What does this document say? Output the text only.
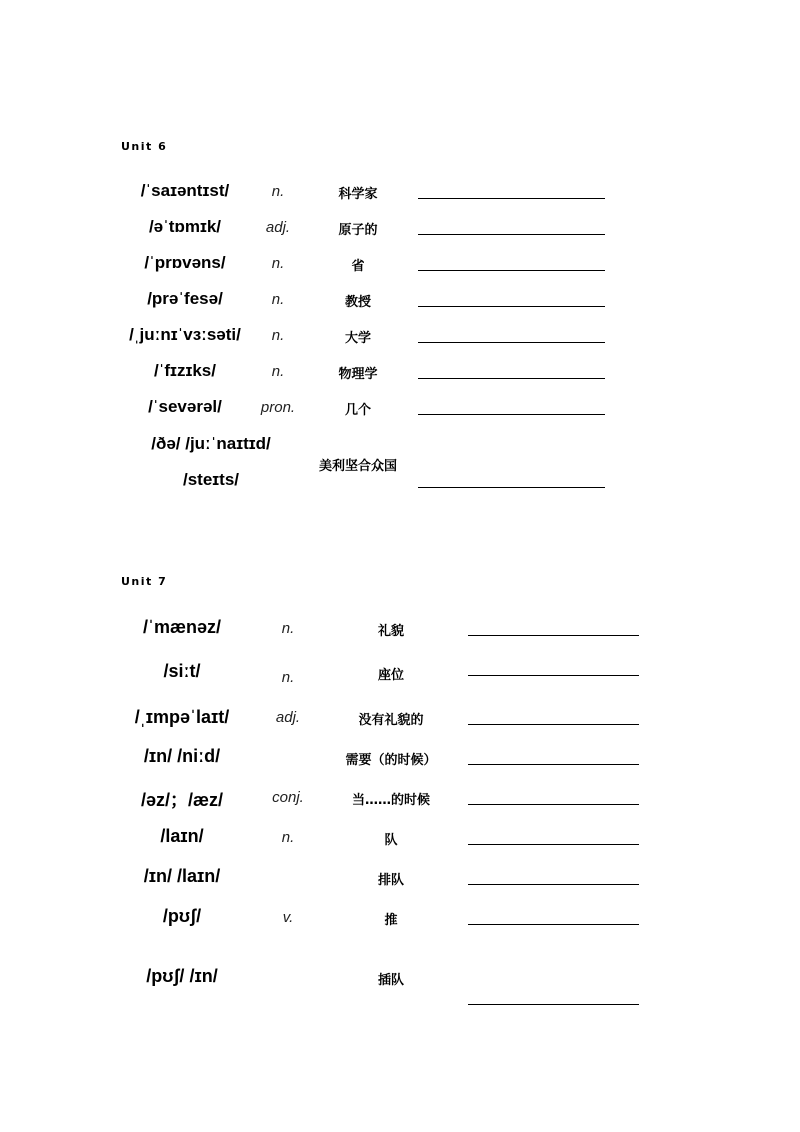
Unit 6
/ˈsaɪəntɪst/	n.	科学家
/əˈtɒmɪk/	adj.	原子的
/ˈprɒvəns/	n.	省
/prəˈfesə/	n.	教授
/ˌjuːnɪˈvɜːsəti/ n.	大学
/ˈfɪzɪks/	n.	物理学
/ˈsevərəl/	pron.	几个
/ðə/ /juːˈnaɪtɪd/
/steɪts/
美利坚合众国
Unit 7
/ˈmænəz/	n.	礼貌
/siːt/	n.	座位
/ˌɪmpəˈlaɪt/	adj.	没有礼貌的
/ɪn/ /niːd/	需要（的时候）
/əz/；/æz/	conj.	当……的时候
/laɪn/	n.	队
/ɪn/ /laɪn/	排队
/pʊʃ/	v.	推
/pʊʃ/ /ɪn/	插队
